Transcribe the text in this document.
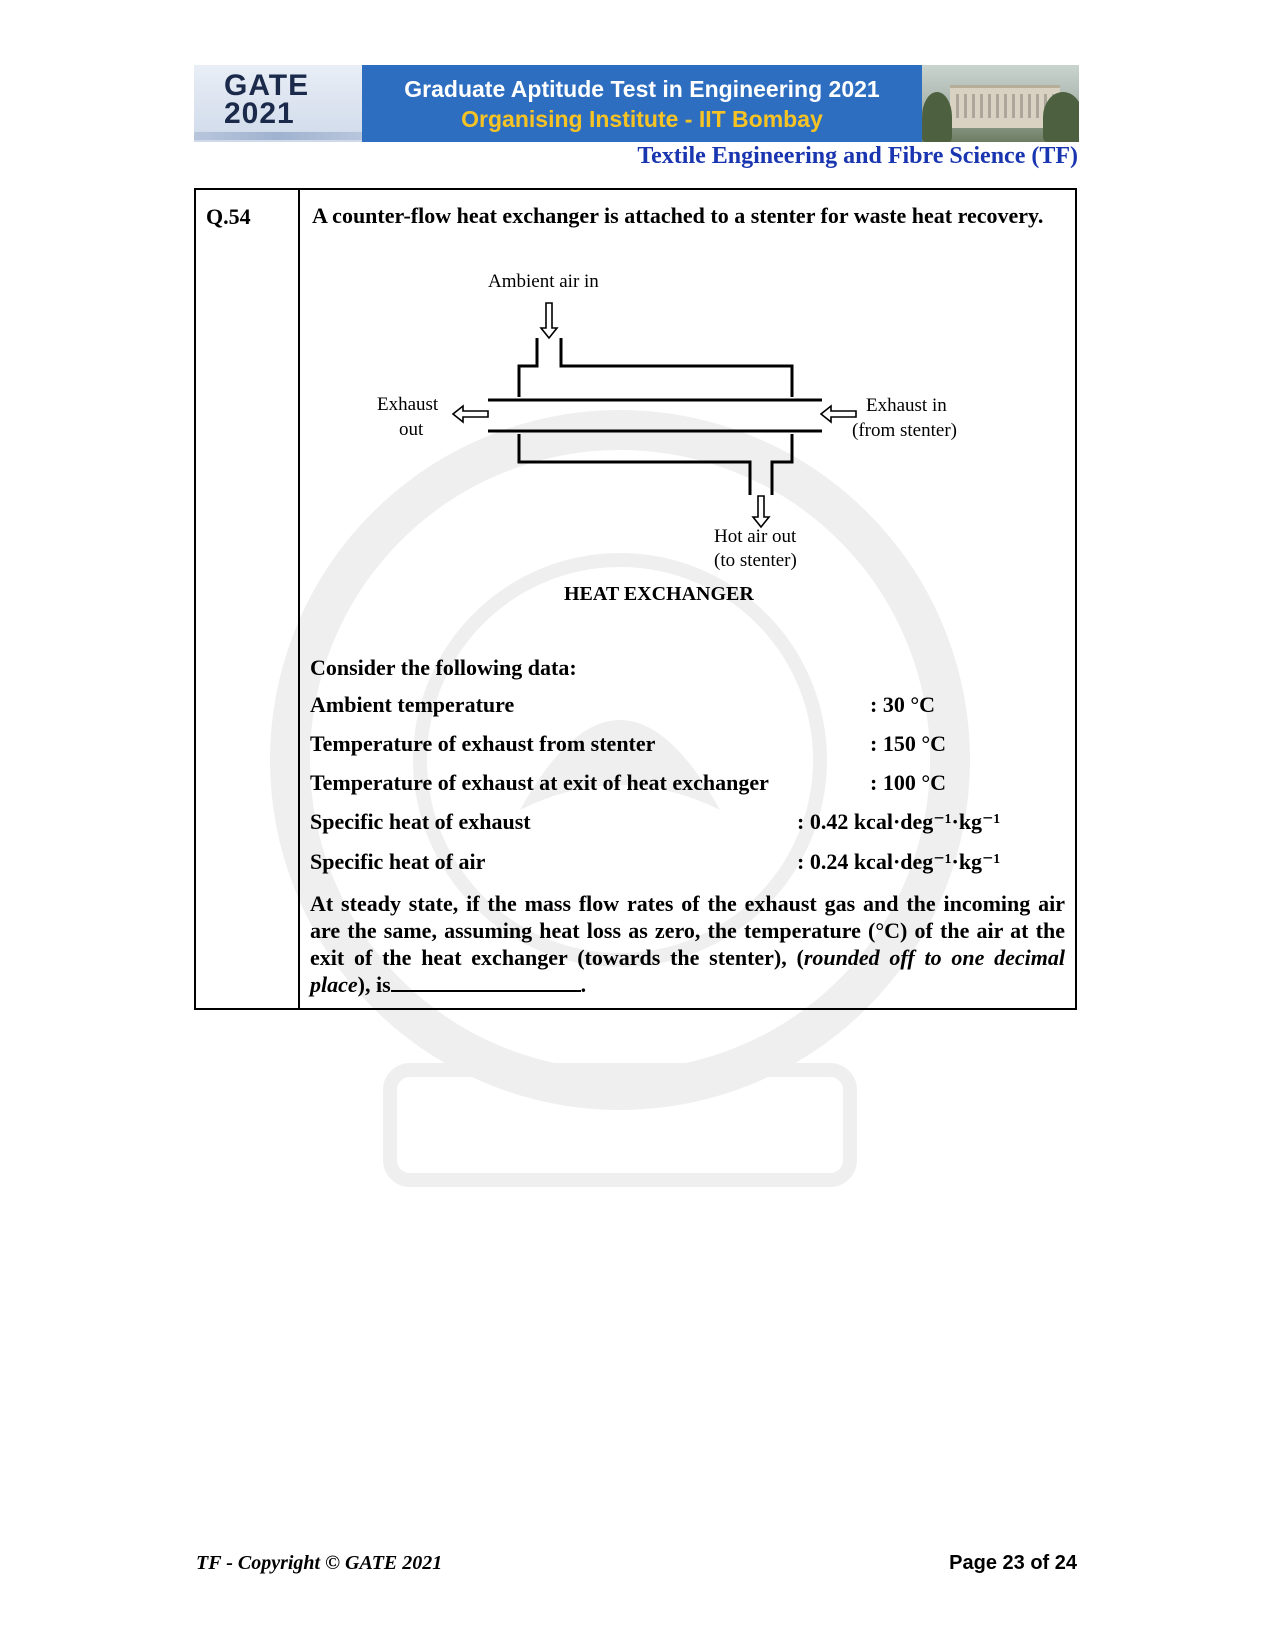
GATE
2021
Graduate Aptitude Test in Engineering 2021
Organising Institute - IIT Bombay
Textile Engineering and Fibre Science (TF)
Q.54	A counter-flow heat exchanger is attached to a stenter for waste heat recovery.
Ambient air in
Exhaust
out
Exhaust in
(from stenter)
Hot air out
(to stenter)
HEAT EXCHANGER
Consider the following data:
Ambient temperature	: 30 °C
Temperature of exhaust from stenter	: 150 °C
Temperature of exhaust at exit of heat exchanger	: 100 °C
Specific heat of exhaust	: 0.42 kcal·deg⁻¹·kg⁻¹
Specific heat of air	: 0.24 kcal·deg⁻¹·kg⁻¹
At steady state, if the mass flow rates of the exhaust gas and the incoming air are the same, assuming heat loss as zero, the temperature (°C) of the air at the exit of the heat exchanger (towards the stenter), (rounded off to one decimal place), is	.
TF - Copyright © GATE 2021	Page 23 of 24
